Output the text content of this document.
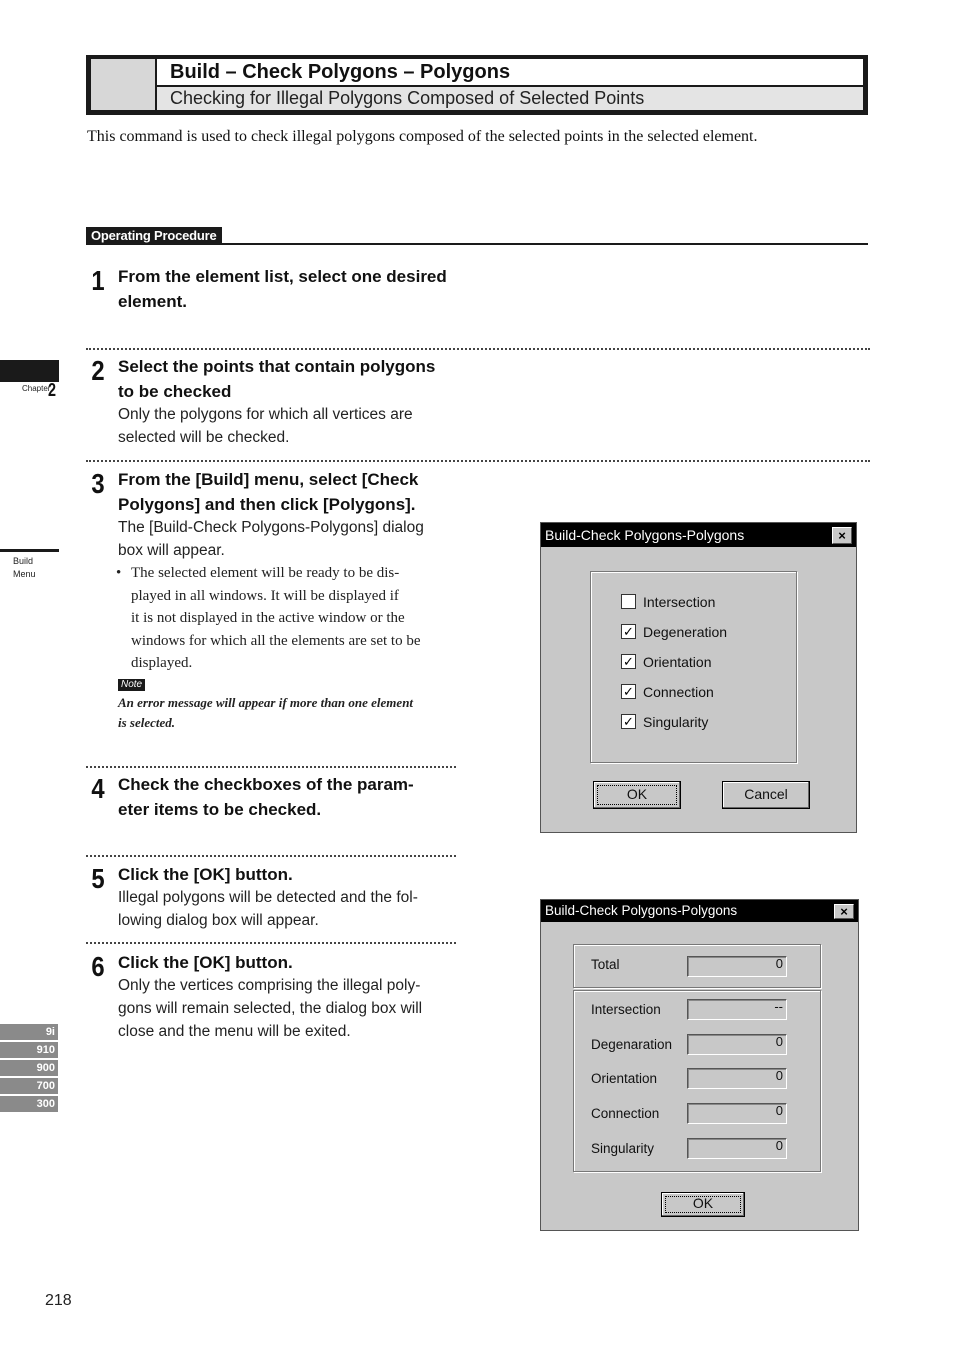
Build – Check Polygons – Polygons
Checking for Illegal Polygons Composed of Selected Points
This command is used to check illegal polygons composed of the selected points in the selected element.
Operating Procedure
1 From the element list, select one desired
element.
2 Select the points that contain polygons
to be checked
Only the polygons for which all vertices are
selected will be checked.
3 From the [Build] menu, select [Check
Polygons] and then click [Polygons].
The [Build-Check Polygons-Polygons] dialog
box will appear.
• The selected element will be ready to be dis-
played in all windows. It will be displayed if
it is not displayed in the active window or the
windows for which all the elements are set to be
displayed.
Note
An error message will appear if more than one element
is selected.
4 Check the checkboxes of the param-
eter items to be checked.
5 Click the [OK] button.
Illegal polygons will be detected and the fol-
lowing dialog box will appear.
6 Click the [OK] button.
Only the vertices comprising the illegal poly-
gons will remain selected, the dialog box will
close and the menu will be exited.
Chapter
2
Build
Menu
9i
910
900
700
300
Build-Check Polygons-Polygons	×
Intersection
✓ Degeneration
✓ Orientation
✓ Connection
✓ Singularity
OK	Cancel
Build-Check Polygons-Polygons	×
Total	0
Intersection	--
Degenaration	0
Orientation	0
Connection	0
Singularity	0
OK
218
